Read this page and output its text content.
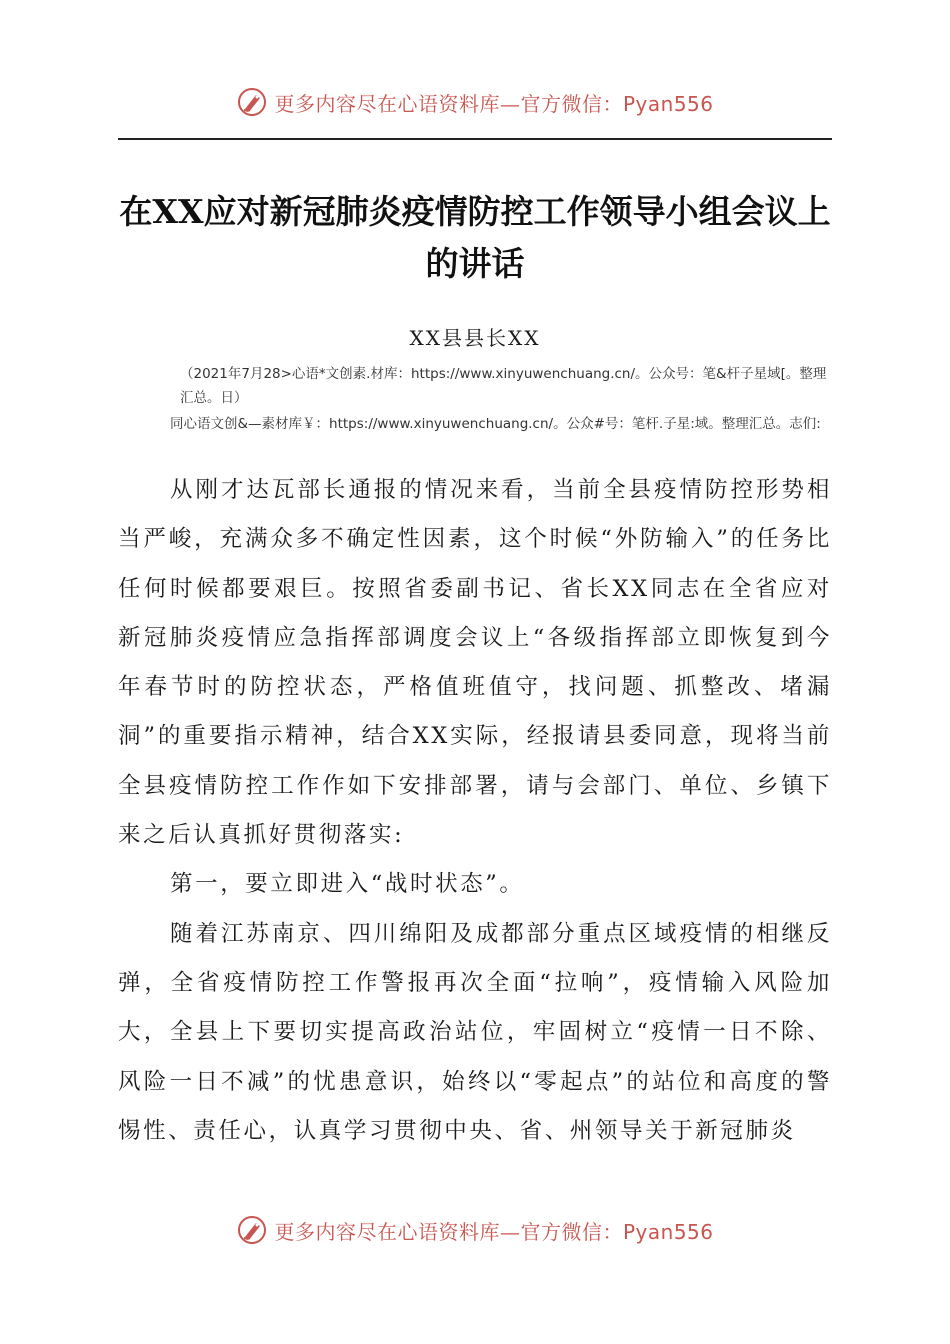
更多内容尽在心语资料库—官方微信：Pyan556
在XX应对新冠肺炎疫情防控工作领导小组会议上的讲话
XX县县长XX
（2021年7月28>心语*文创素.材库：https://www.xinyuwenchuang.cn/。公众号：笔&杆子星域[。整理汇总。日）
同心语文创&—素材库￥：https://www.xinyuwenchuang.cn/。公众#号：笔杆.子星:域。整理汇总。志们:

从刚才达瓦部长通报的情况来看，当前全县疫情防控形势相当严峻，充满众多不确定性因素，这个时候“外防输入”的任务比任何时候都要艰巨。按照省委副书记、省长XX同志在全省应对新冠肺炎疫情应急指挥部调度会议上“各级指挥部立即恢复到今年春节时的防控状态，严格值班值守，找问题、抓整改、堵漏洞”的重要指示精神，结合XX实际，经报请县委同意，现将当前全县疫情防控工作作如下安排部署，请与会部门、单位、乡镇下来之后认真抓好贯彻落实:

第一，要立即进入“战时状态”。

随着江苏南京、四川绵阳及成都部分重点区域疫情的相继反弹，全省疫情防控工作警报再次全面“拉响”，疫情输入风险加大，全县上下要切实提高政治站位，牢固树立“疫情一日不除、风险一日不减”的忧患意识，始终以“零起点”的站位和高度的警惕性、责任心，认真学习贯彻中央、省、州领导关于新冠肺炎

更多内容尽在心语资料库—官方微信：Pyan556
